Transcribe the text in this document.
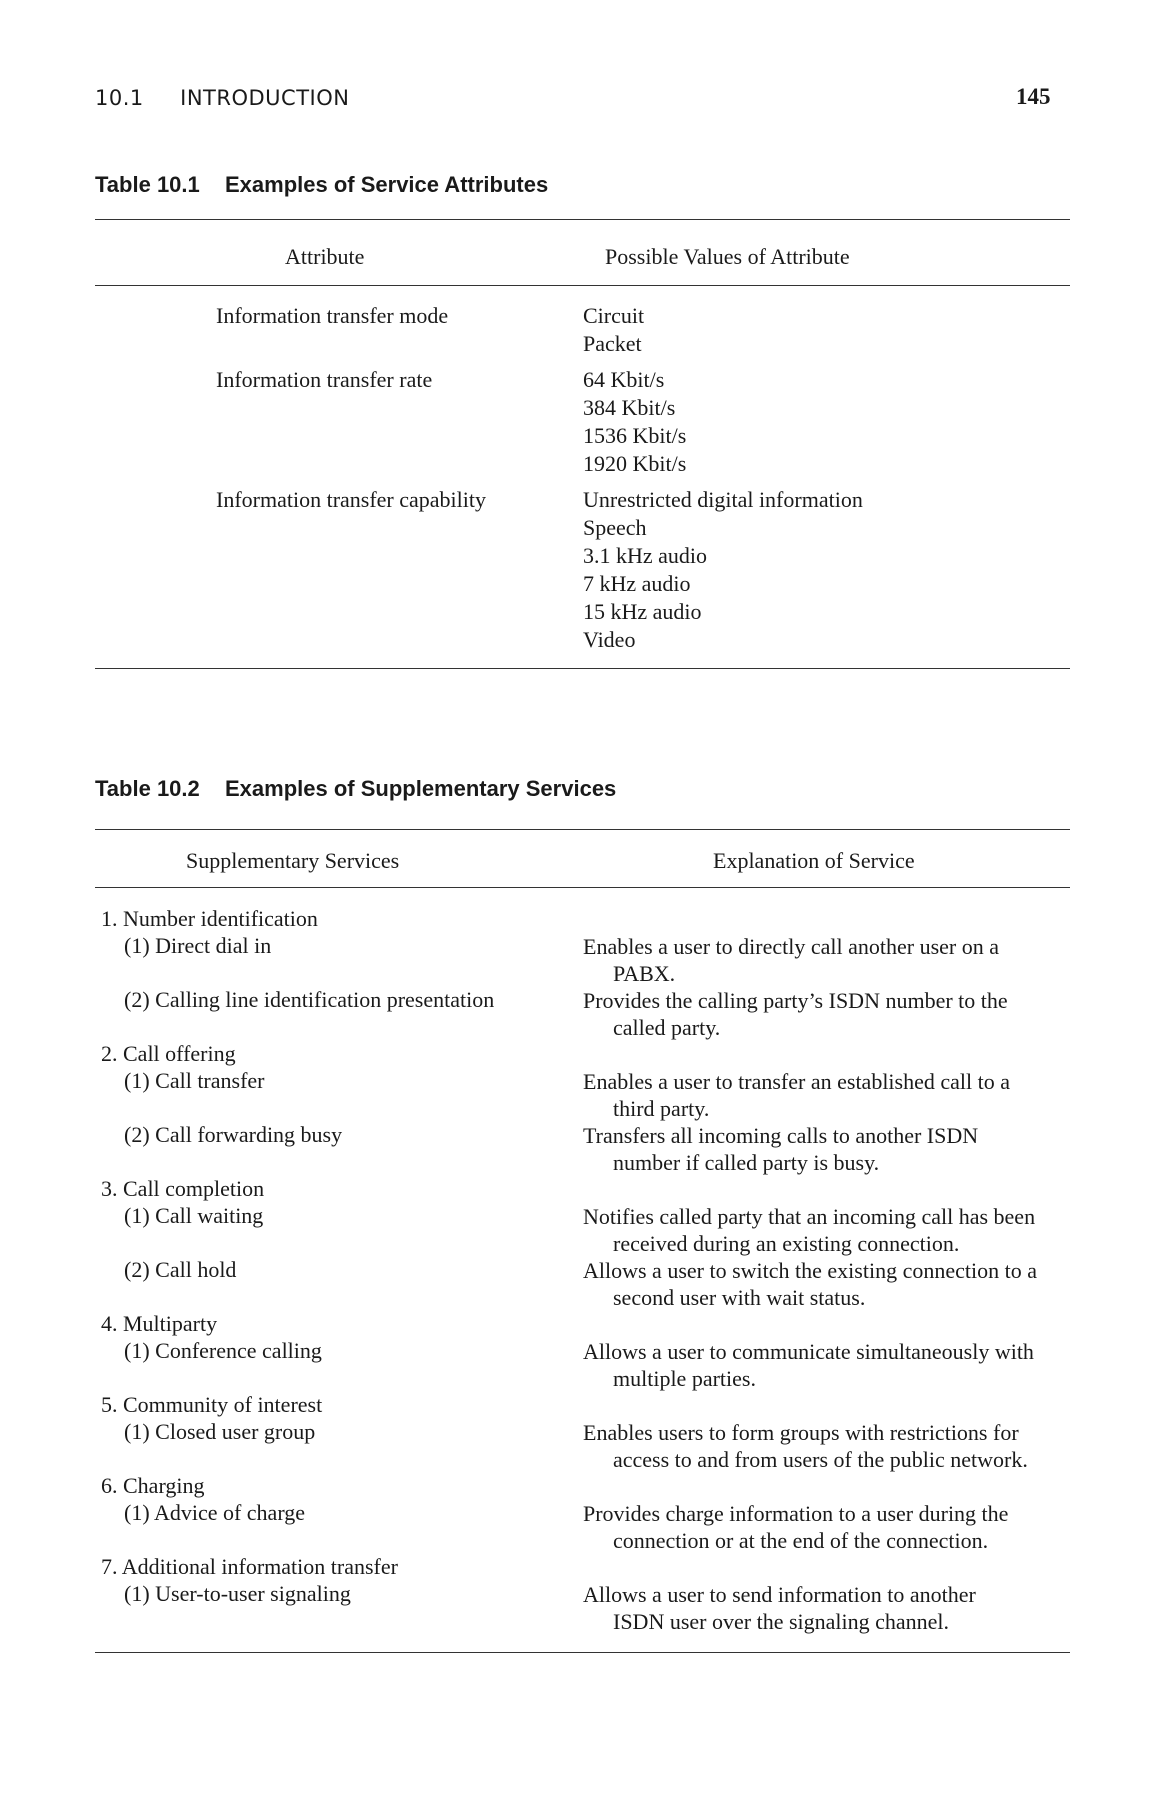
10.1 INTRODUCTION	145
Table 10.1 Examples of Service Attributes
Attribute	Possible Values of Attribute
Information transfer mode	Circuit
Packet
Information transfer rate	64 Kbit/s
384 Kbit/s
1536 Kbit/s
1920 Kbit/s
Information transfer capability	Unrestricted digital information
Speech
3.1 kHz audio
7 kHz audio
15 kHz audio
Video
Table 10.2 Examples of Supplementary Services
Supplementary Services	Explanation of Service
1. Number identification
(1) Direct dial in	Enables a user to directly call another user on a
PABX.
(2) Calling line identification presentation	Provides the calling party’s ISDN number to the
called party.
2. Call offering
(1) Call transfer	Enables a user to transfer an established call to a
third party.
(2) Call forwarding busy	Transfers all incoming calls to another ISDN
number if called party is busy.
3. Call completion
(1) Call waiting	Notifies called party that an incoming call has been
received during an existing connection.
(2) Call hold	Allows a user to switch the existing connection to a
second user with wait status.
4. Multiparty
(1) Conference calling	Allows a user to communicate simultaneously with
multiple parties.
5. Community of interest
(1) Closed user group	Enables users to form groups with restrictions for
access to and from users of the public network.
6. Charging
(1) Advice of charge	Provides charge information to a user during the
connection or at the end of the connection.
7. Additional information transfer
(1) User-to-user signaling	Allows a user to send information to another
ISDN user over the signaling channel.
